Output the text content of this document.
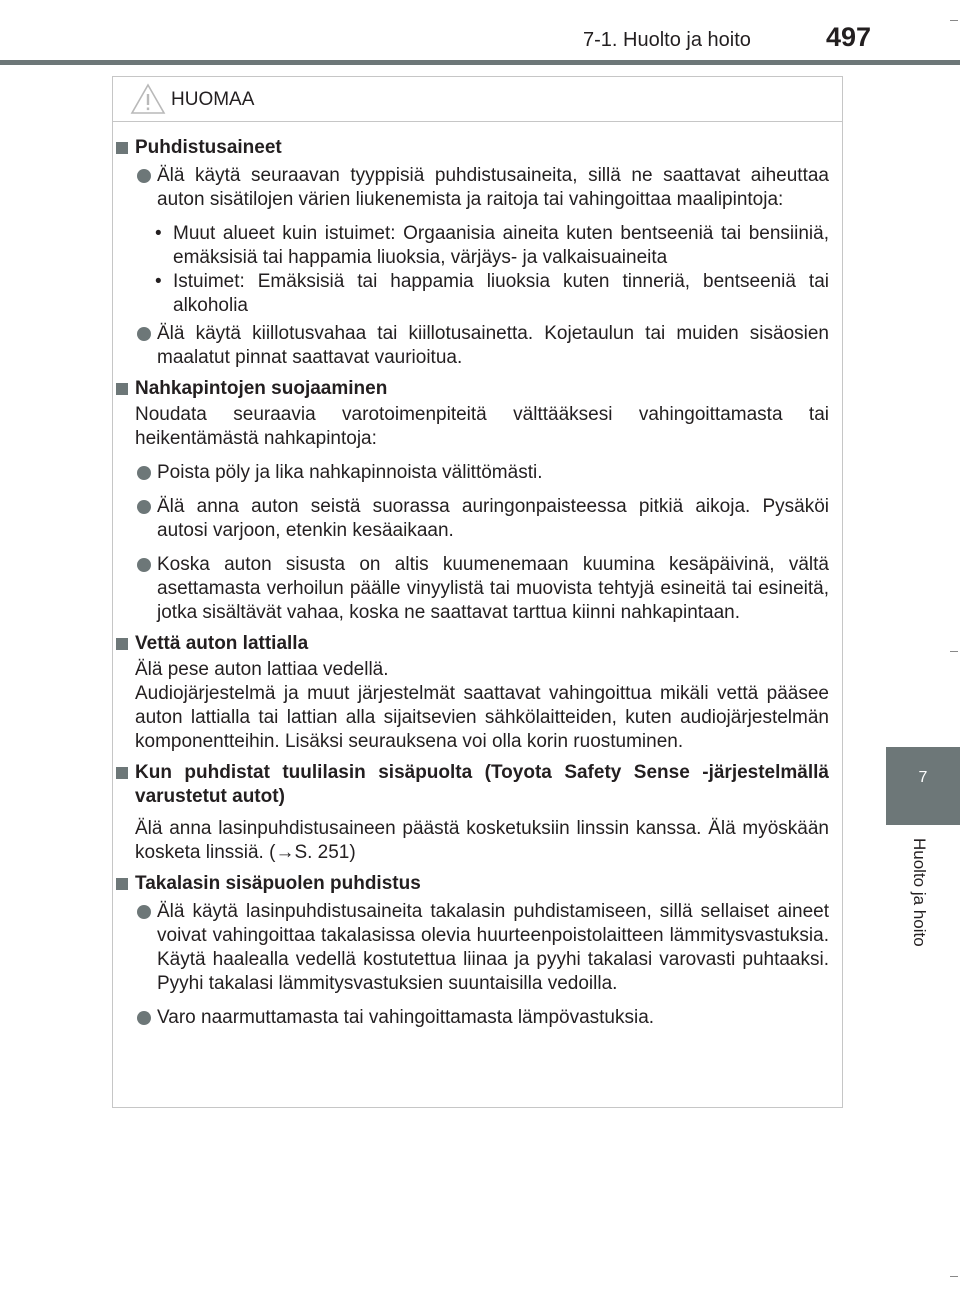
7-1. Huolto ja hoito	497
7
Huolto ja hoito
HUOMAA
Puhdistusaineet
Älä käytä seuraavan tyyppisiä puhdistusaineita, sillä ne saattavat aiheuttaa auton sisätilojen värien liukenemista ja raitoja tai vahingoittaa maalipintoja:
• Muut alueet kuin istuimet: Orgaanisia aineita kuten bentseeniä tai bensiiniä, emäksisiä tai happamia liuoksia, värjäys- ja valkaisuaineita
• Istuimet: Emäksisiä tai happamia liuoksia kuten tinneriä, bentseeniä tai alkoholia
Älä käytä kiillotusvahaa tai kiillotusainetta. Kojetaulun tai muiden sisäosien maalatut pinnat saattavat vaurioitua.
Nahkapintojen suojaaminen
Noudata seuraavia varotoimenpiteitä välttääksesi vahingoittamasta tai heikentämästä nahkapintoja:
Poista pöly ja lika nahkapinnoista välittömästi.
Älä anna auton seistä suorassa auringonpaisteessa pitkiä aikoja. Pysäköi autosi varjoon, etenkin kesäaikaan.
Koska auton sisusta on altis kuumenemaan kuumina kesäpäivinä, vältä asettamasta verhoilun päälle vinyylistä tai muovista tehtyjä esineitä tai esineitä, jotka sisältävät vahaa, koska ne saattavat tarttua kiinni nahkapintaan.
Vettä auton lattialla
Älä pese auton lattiaa vedellä.
Audiojärjestelmä ja muut järjestelmät saattavat vahingoittua mikäli vettä pääsee auton lattialla tai lattian alla sijaitsevien sähkölaitteiden, kuten audiojärjestelmän komponentteihin. Lisäksi seurauksena voi olla korin ruostuminen.
Kun puhdistat tuulilasin sisäpuolta (Toyota Safety Sense -järjestelmällä varustetut autot)
Älä anna lasinpuhdistusaineen päästä kosketuksiin linssin kanssa. Älä myöskään kosketa linssiä. (→S. 251)
Takalasin sisäpuolen puhdistus
Älä käytä lasinpuhdistusaineita takalasin puhdistamiseen, sillä sellaiset aineet voivat vahingoittaa takalasissa olevia huurteenpoistolaitteen lämmitysvastuksia. Käytä haalealla vedellä kostutettua liinaa ja pyyhi takalasi varovasti puhtaaksi. Pyyhi takalasi lämmitysvastuksien suuntaisilla vedoilla.
Varo naarmuttamasta tai vahingoittamasta lämpövastuksia.
